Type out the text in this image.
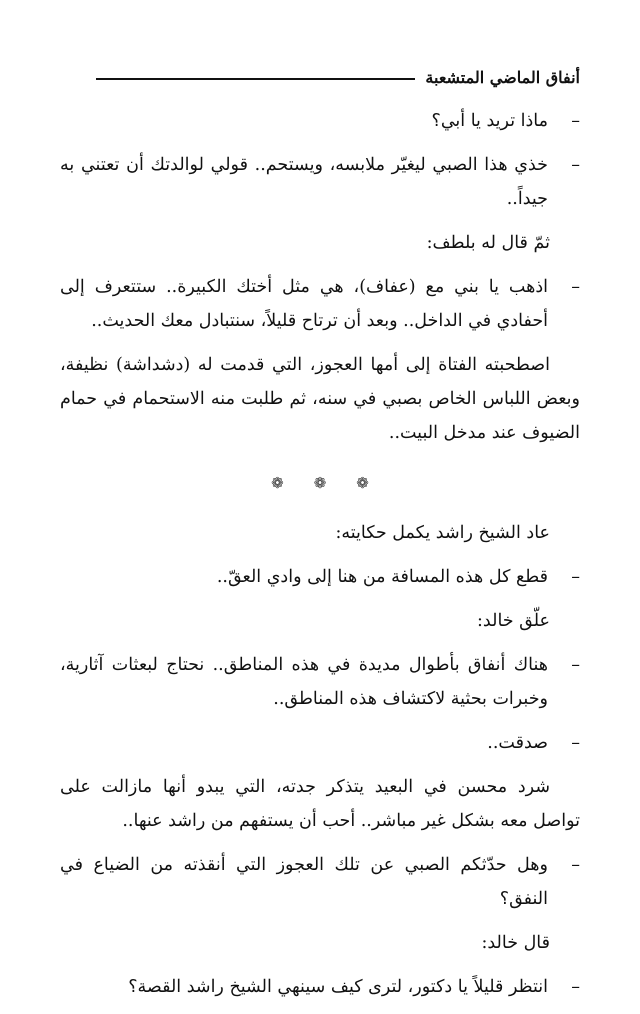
أنفاق الماضي المتشعبة
–
ماذا تريد يا أبي؟
–
خذي هذا الصبي ليغيّر ملابسه، ويستحم.. قولي لوالدتك أن تعتني به جيداً..
ثمّ قال له بلطف:
–
اذهب يا بني مع (عفاف)، هي مثل أختك الكبيرة.. ستتعرف إلى أحفادي في الداخل.. وبعد أن ترتاح قليلاً، سنتبادل معك الحديث..
اصطحبته الفتاة إلى أمها العجوز، التي قدمت له (دشداشة) نظيفة، وبعض اللباس الخاص بصبي في سنه، ثم طلبت منه الاستحمام في حمام الضيوف عند مدخل البيت..
❁ ❁ ❁
عاد الشيخ راشد يكمل حكايته:
–
قطع كل هذه المسافة من هنا إلى وادي العقّ..
علّق خالد:
–
هناك أنفاق بأطوال مديدة في هذه المناطق.. نحتاج لبعثات آثارية، وخبرات بحثية لاكتشاف هذه المناطق..
–
صدقت..
شرد محسن في البعيد يتذكر جدته، التي يبدو أنها مازالت على تواصل معه بشكل غير مباشر.. أحب أن يستفهم من راشد عنها..
–
وهل حدّثكم الصبي عن تلك العجوز التي أنقذته من الضياع في النفق؟
قال خالد:
–
انتظر قليلاً يا دكتور، لترى كيف سينهي الشيخ راشد القصة؟
